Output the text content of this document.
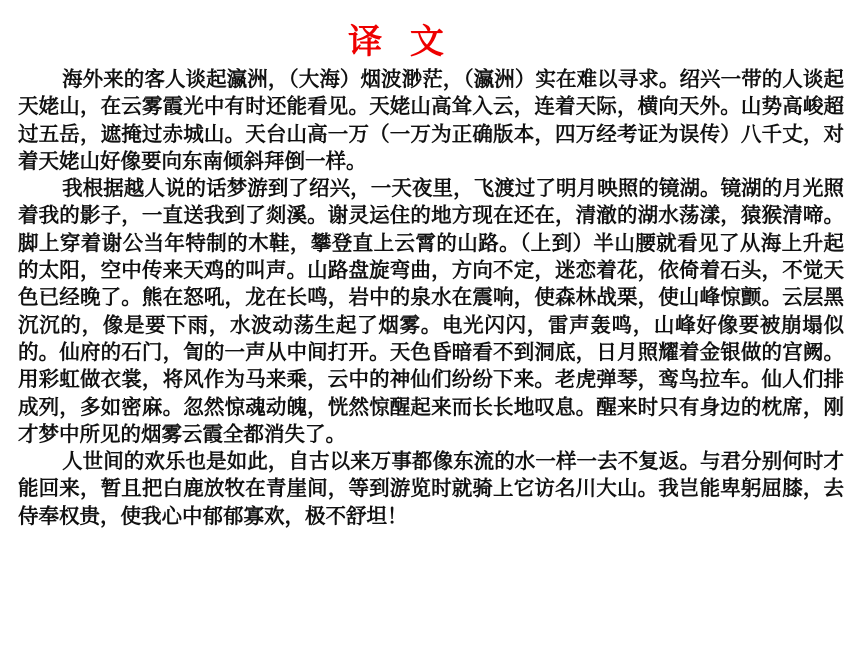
译 文

海外来的客人谈起瀛洲，（大海）烟波渺茫，（瀛洲）实在难以寻求。绍兴一带的人谈起天姥山，在云雾霞光中有时还能看见。天姥山高耸入云，连着天际，横向天外。山势高峻超过五岳，遮掩过赤城山。天台山高一万（一万为正确版本，四万经考证为误传）八千丈，对着天姥山好像要向东南倾斜拜倒一样。

我根据越人说的话梦游到了绍兴，一天夜里，飞渡过了明月映照的镜湖。镜湖的月光照着我的影子，一直送我到了剡溪。谢灵运住的地方现在还在，清澈的湖水荡漾，猿猴清啼。脚上穿着谢公当年特制的木鞋，攀登直上云霄的山路。（上到）半山腰就看见了从海上升起的太阳，空中传来天鸡的叫声。山路盘旋弯曲，方向不定，迷恋着花，依倚着石头，不觉天色已经晚了。熊在怒吼，龙在长鸣，岩中的泉水在震响，使森林战栗，使山峰惊颤。云层黑沉沉的，像是要下雨，水波动荡生起了烟雾。电光闪闪，雷声轰鸣，山峰好像要被崩塌似的。仙府的石门，訇的一声从中间打开。天色昏暗看不到洞底，日月照耀着金银做的宫阙。用彩虹做衣裳，将风作为马来乘，云中的神仙们纷纷下来。老虎弹琴，鸾鸟拉车。仙人们排成列，多如密麻。忽然惊魂动魄，恍然惊醒起来而长长地叹息。醒来时只有身边的枕席，刚才梦中所见的烟雾云霞全都消失了。

人世间的欢乐也是如此，自古以来万事都像东流的水一样一去不复返。与君分别何时才能回来，暂且把白鹿放牧在青崖间，等到游览时就骑上它访名川大山。我岂能卑躬屈膝，去侍奉权贵，使我心中郁郁寡欢，极不舒坦！
